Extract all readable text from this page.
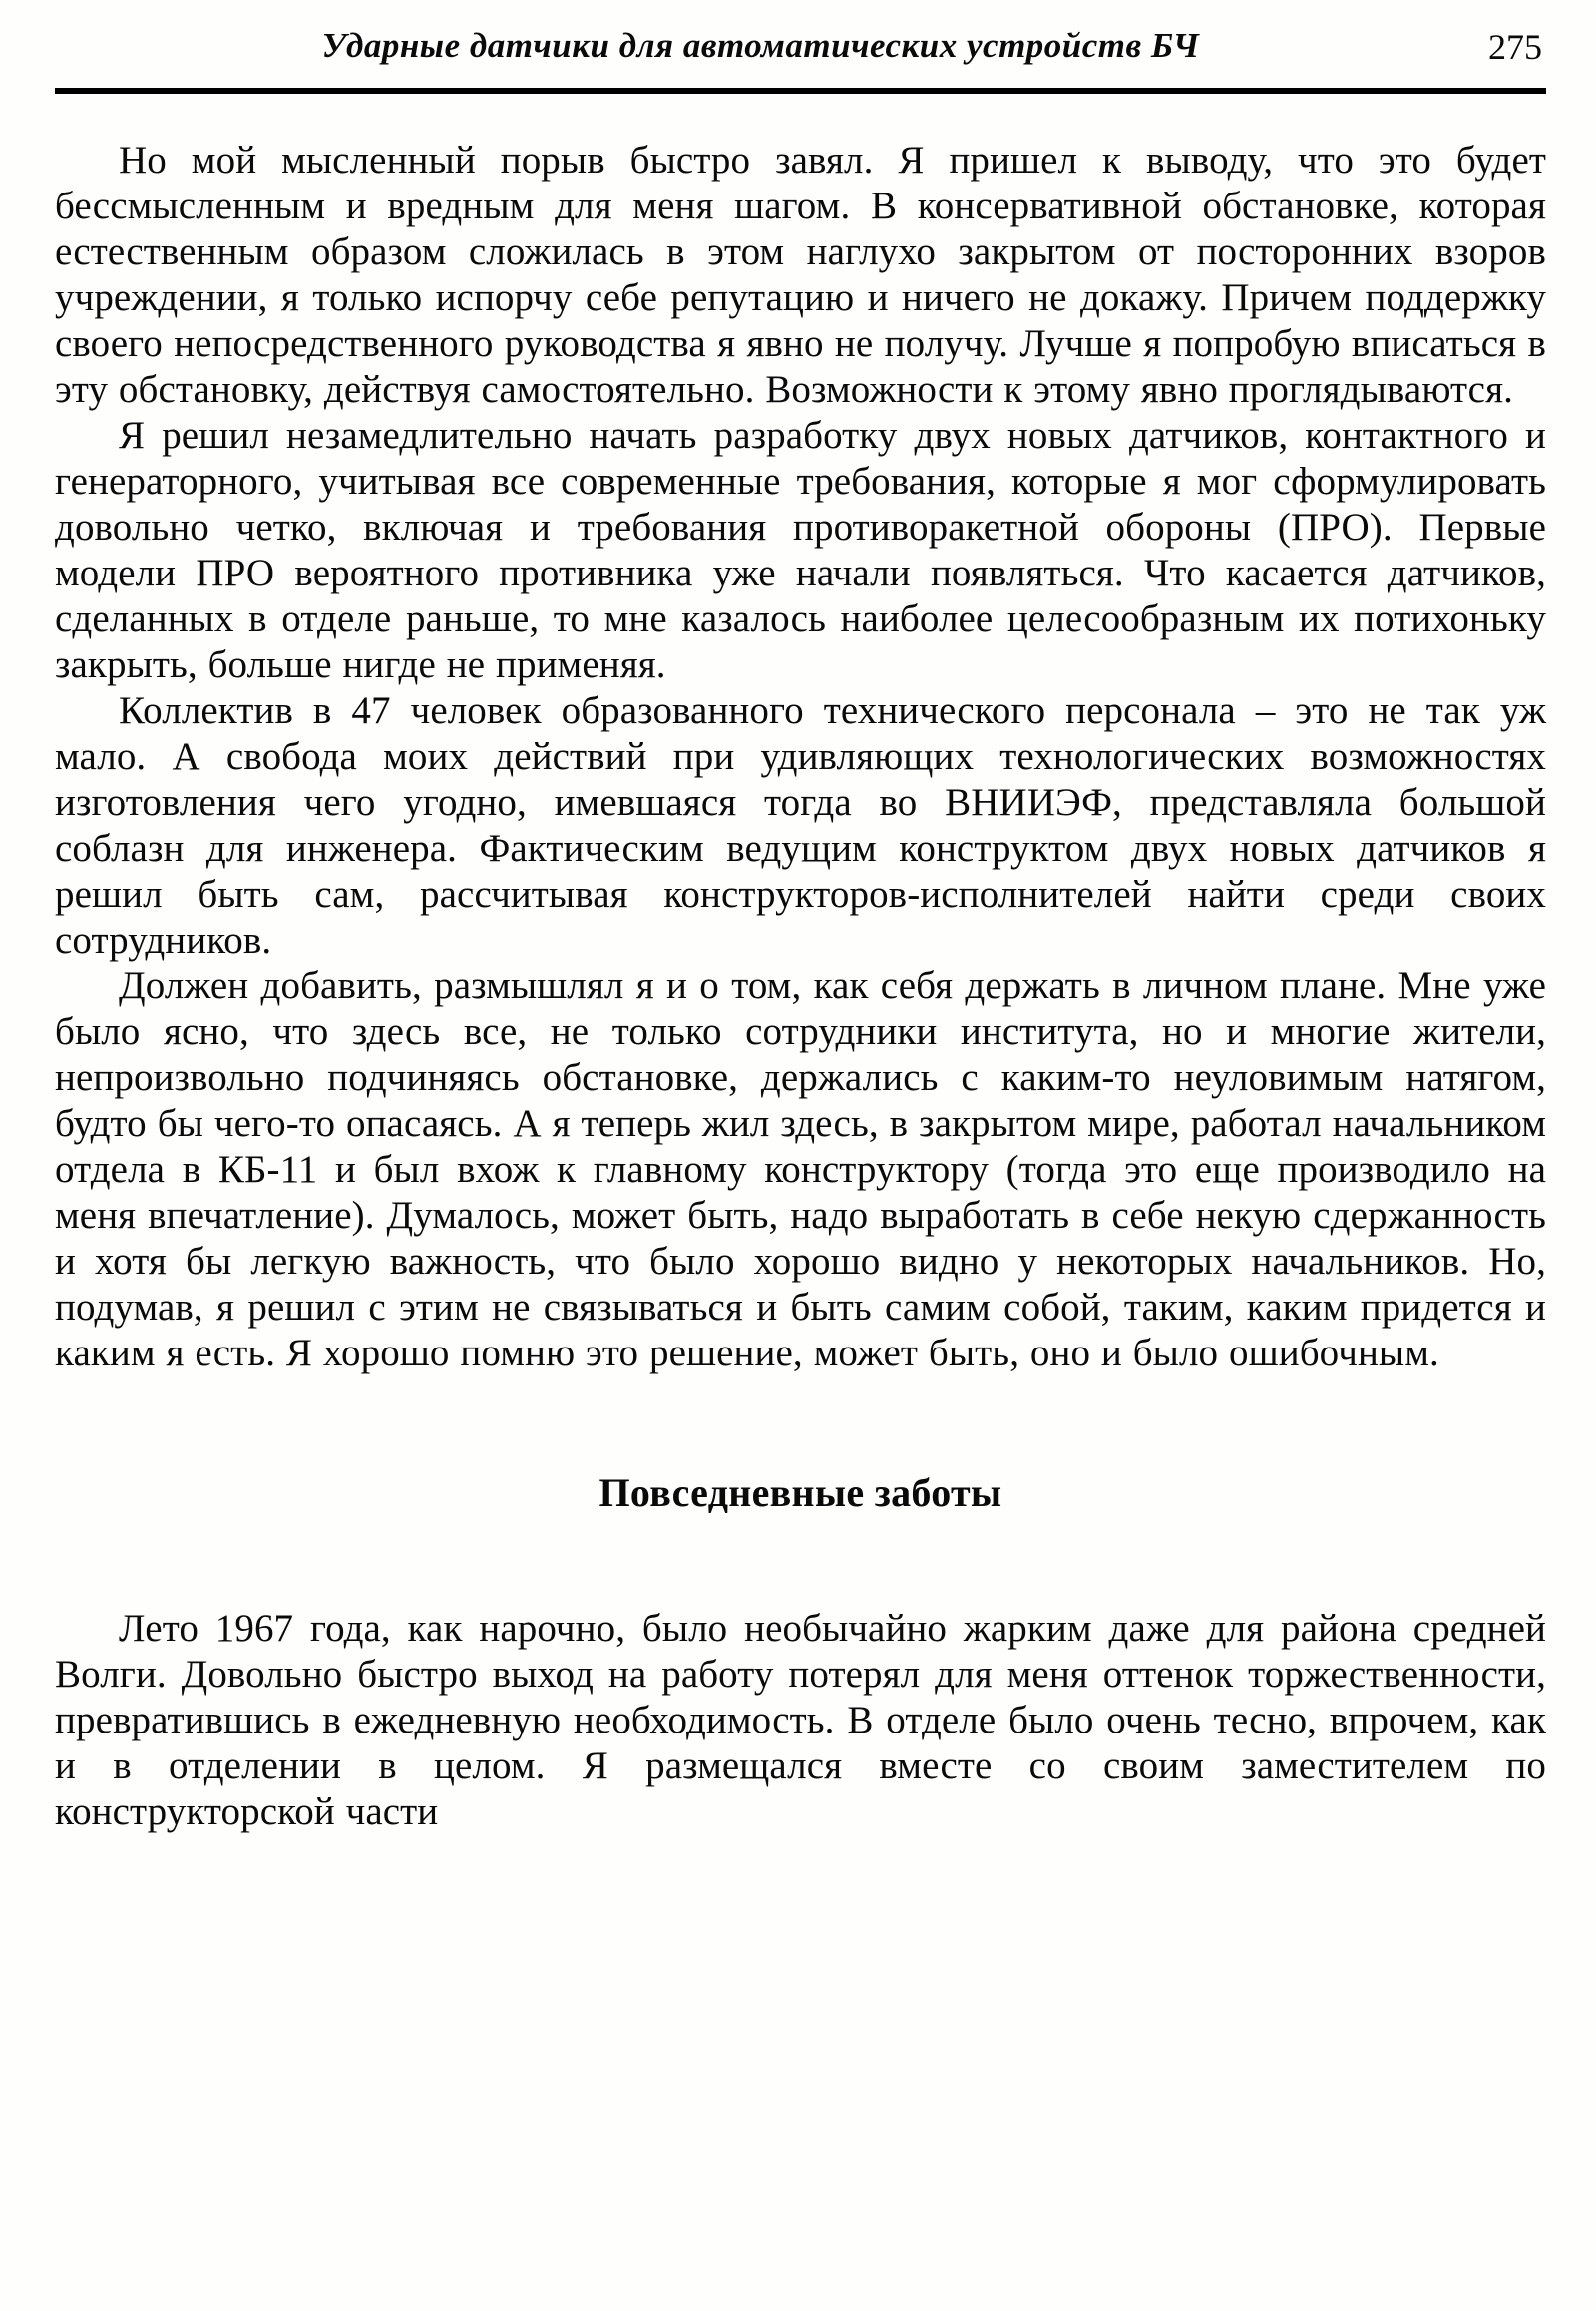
Ударные датчики для автоматических устройств БЧ	275

Но мой мысленный порыв быстро завял. Я пришел к выводу, что это будет бессмысленным и вредным для меня шагом. В консервативной обстановке, которая естественным образом сложилась в этом наглухо закрытом от посторонних взоров учреждении, я только испорчу себе репутацию и ничего не докажу. Причем поддержку своего непосредственного руководства я явно не получу. Лучше я попробую вписаться в эту обстановку, действуя самостоятельно. Возможности к этому явно проглядываются.

Я решил незамедлительно начать разработку двух новых датчиков, контактного и генераторного, учитывая все современные требования, которые я мог сформулировать довольно четко, включая и требования противоракетной обороны (ПРО). Первые модели ПРО вероятного противника уже начали появляться. Что касается датчиков, сделанных в отделе раньше, то мне казалось наиболее целесообразным их потихоньку закрыть, больше нигде не применяя.

Коллектив в 47 человек образованного технического персонала – это не так уж мало. А свобода моих действий при удивляющих технологических возможностях изготовления чего угодно, имевшаяся тогда во ВНИИЭФ, представляла большой соблазн для инженера. Фактическим ведущим конструктом двух новых датчиков я решил быть сам, рассчитывая конструкторов-исполнителей найти среди своих сотрудников.

Должен добавить, размышлял я и о том, как себя держать в личном плане. Мне уже было ясно, что здесь все, не только сотрудники института, но и многие жители, непроизвольно подчиняясь обстановке, держались с каким-то неуловимым натягом, будто бы чего-то опасаясь. А я теперь жил здесь, в закрытом мире, работал начальником отдела в КБ-11 и был вхож к главному конструктору (тогда это еще производило на меня впечатление). Думалось, может быть, надо выработать в себе некую сдержанность и хотя бы легкую важность, что было хорошо видно у некоторых начальников. Но, подумав, я решил с этим не связываться и быть самим собой, таким, каким придется и каким я есть. Я хорошо помню это решение, может быть, оно и было ошибочным.

Повседневные заботы

Лето 1967 года, как нарочно, было необычайно жарким даже для района средней Волги. Довольно быстро выход на работу потерял для меня оттенок торжественности, превратившись в ежедневную необходимость. В отделе было очень тесно, впрочем, как и в отделении в целом. Я размещался вместе со своим заместителем по конструкторской части
